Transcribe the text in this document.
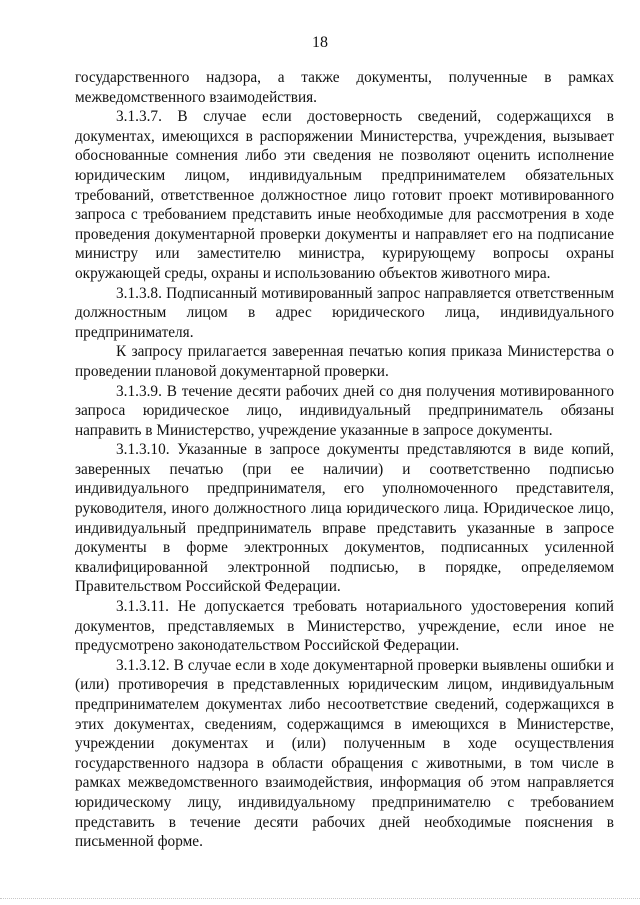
18

государственного надзора, а также документы, полученные в рамках межведомственного взаимодействия.

3.1.3.7. В случае если достоверность сведений, содержащихся в документах, имеющихся в распоряжении Министерства, учреждения, вызывает обоснованные сомнения либо эти сведения не позволяют оценить исполнение юридическим лицом, индивидуальным предпринимателем обязательных требований, ответственное должностное лицо готовит проект мотивированного запроса с требованием представить иные необходимые для рассмотрения в ходе проведения документарной проверки документы и направляет его на подписание министру или заместителю министра, курирующему вопросы охраны окружающей среды, охраны и использованию объектов животного мира.

3.1.3.8. Подписанный мотивированный запрос направляется ответственным должностным лицом в адрес юридического лица, индивидуального предпринимателя.

К запросу прилагается заверенная печатью копия приказа Министерства о проведении плановой документарной проверки.

3.1.3.9. В течение десяти рабочих дней со дня получения мотивированного запроса юридическое лицо, индивидуальный предприниматель обязаны направить в Министерство, учреждение указанные в запросе документы.

3.1.3.10. Указанные в запросе документы представляются в виде копий, заверенных печатью (при ее наличии) и соответственно подписью индивидуального предпринимателя, его уполномоченного представителя, руководителя, иного должностного лица юридического лица. Юридическое лицо, индивидуальный предприниматель вправе представить указанные в запросе документы в форме электронных документов, подписанных усиленной квалифицированной электронной подписью, в порядке, определяемом Правительством Российской Федерации.

3.1.3.11. Не допускается требовать нотариального удостоверения копий документов, представляемых в Министерство, учреждение, если иное не предусмотрено законодательством Российской Федерации.

3.1.3.12. В случае если в ходе документарной проверки выявлены ошибки и (или) противоречия в представленных юридическим лицом, индивидуальным предпринимателем документах либо несоответствие сведений, содержащихся в этих документах, сведениям, содержащимся в имеющихся в Министерстве, учреждении документах и (или) полученным в ходе осуществления государственного надзора в области обращения с животными, в том числе в рамках межведомственного взаимодействия, информация об этом направляется юридическому лицу, индивидуальному предпринимателю с требованием представить в течение десяти рабочих дней необходимые пояснения в письменной форме.
